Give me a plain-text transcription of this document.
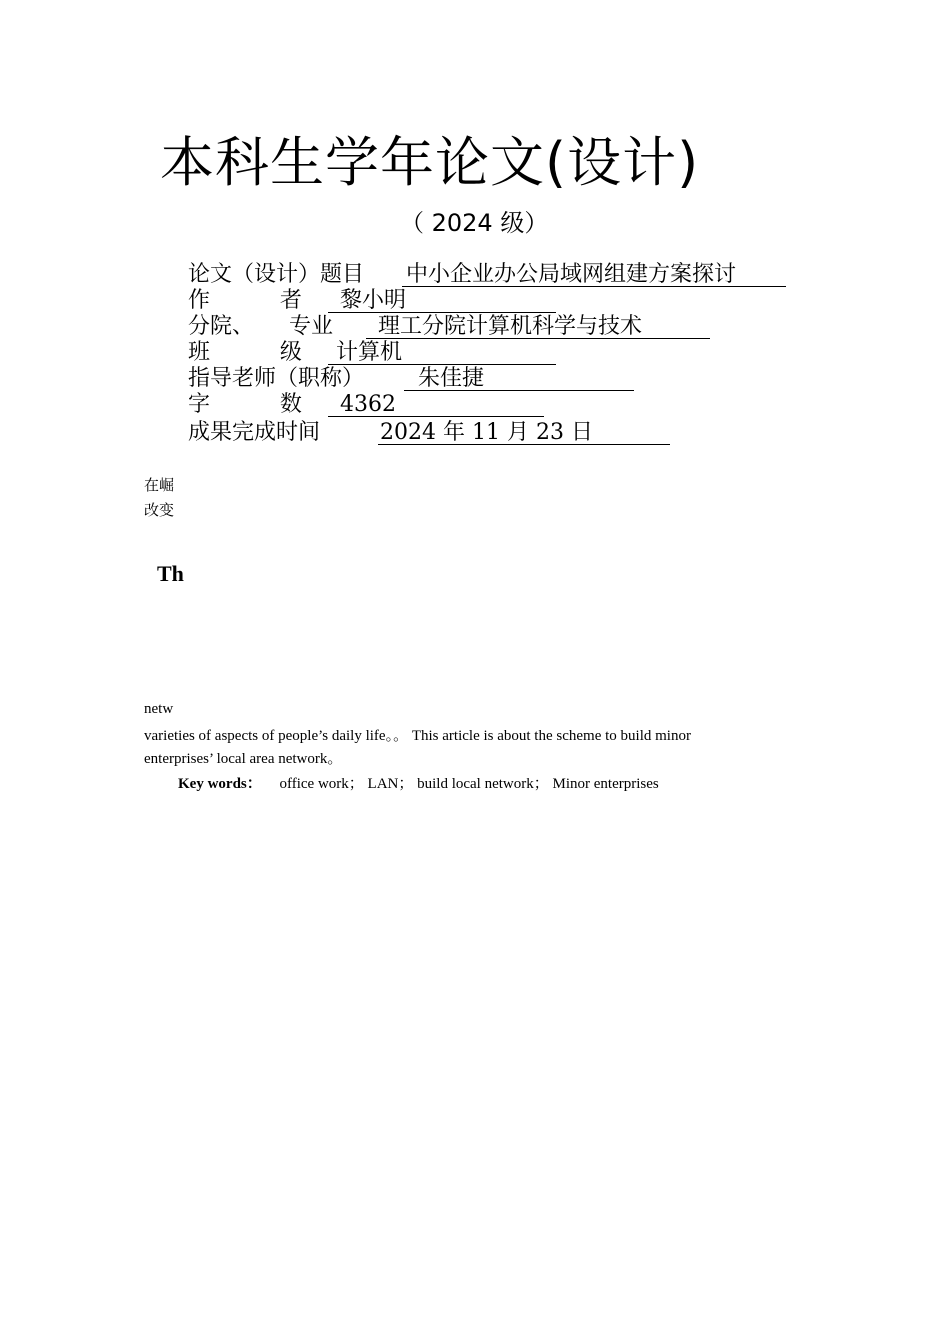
本科生学年论文(设计)
（ 2024 级）
论文（设计）题目 中小企业办公局域网组建方案探讨
作          者 黎小明
分院、     专业 理工分院计算机科学与技术
班          级 计算机
指导老师（职称） 朱佳捷
字          数 4362
成果完成时间	2024 年 11 月 23 日
在崛
改变
Th
netw
varieties of aspects of people’s daily life。。 This article is about the scheme to build minor
enterprises’ local area network。
Key words： office work； LAN； build local network； Minor enterprises
